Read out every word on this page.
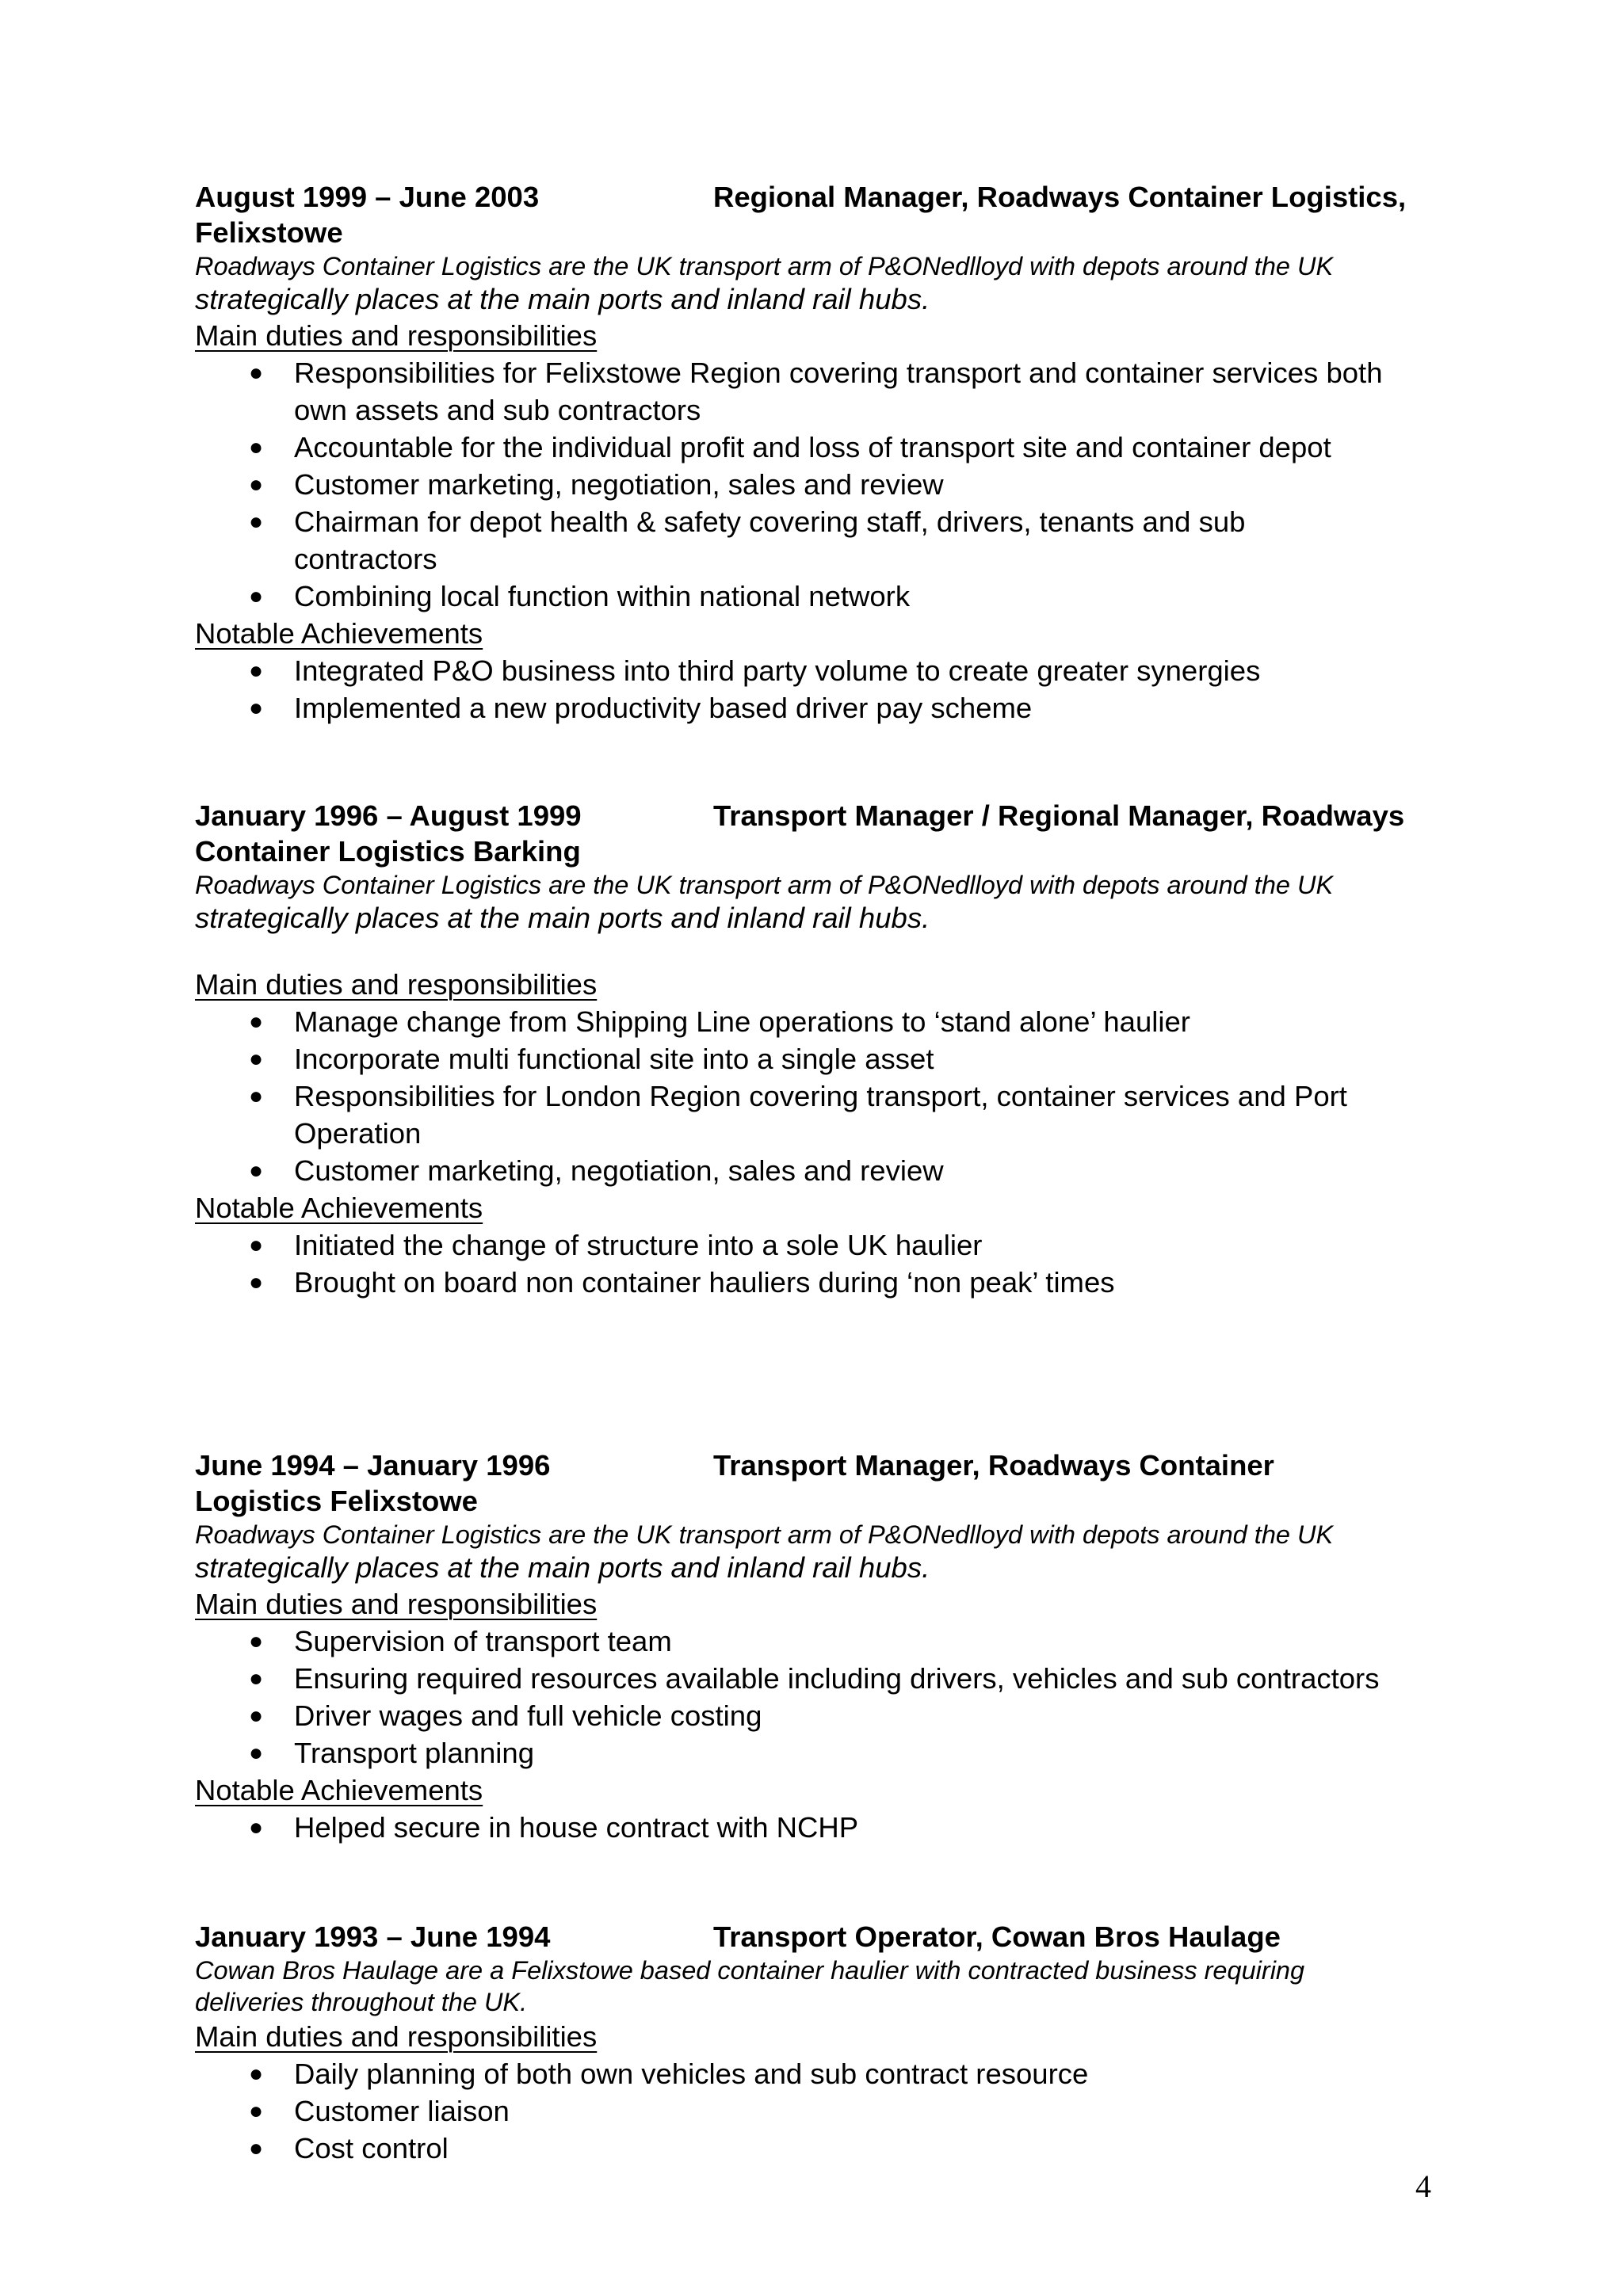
August 1999 – June 2003	Regional Manager, Roadways Container Logistics,
Felixstowe
Roadways Container Logistics are the UK transport arm of P&ONedlloyd with depots around the UK
strategically places at the main ports and inland rail hubs.
Main duties and responsibilities
● Responsibilities for Felixstowe Region covering transport and container services both
own assets and sub contractors
● Accountable for the individual profit and loss of transport site and container depot
● Customer marketing, negotiation, sales and review
● Chairman for depot health & safety covering staff, drivers, tenants and sub
contractors
● Combining local function within national network
Notable Achievements
● Integrated P&O business into third party volume to create greater synergies
● Implemented a new productivity based driver pay scheme
January 1996 – August 1999	Transport Manager / Regional Manager, Roadways
Container Logistics Barking
Roadways Container Logistics are the UK transport arm of P&ONedlloyd with depots around the UK
strategically places at the main ports and inland rail hubs.
Main duties and responsibilities
● Manage change from Shipping Line operations to ‘stand alone’ haulier
● Incorporate multi functional site into a single asset
● Responsibilities for London Region covering transport, container services and Port
Operation
● Customer marketing, negotiation, sales and review
Notable Achievements
● Initiated the change of structure into a sole UK haulier
● Brought on board non container hauliers during ‘non peak’ times
June 1994 – January 1996	Transport Manager, Roadways Container
Logistics Felixstowe
Roadways Container Logistics are the UK transport arm of P&ONedlloyd with depots around the UK
strategically places at the main ports and inland rail hubs.
Main duties and responsibilities
● Supervision of transport team
● Ensuring required resources available including drivers, vehicles and sub contractors
● Driver wages and full vehicle costing
● Transport planning
Notable Achievements
● Helped secure in house contract with NCHP
January 1993 – June 1994	Transport Operator, Cowan Bros Haulage
Cowan Bros Haulage are a Felixstowe based container haulier with contracted business requiring
deliveries throughout the UK.
Main duties and responsibilities
● Daily planning of both own vehicles and sub contract resource
● Customer liaison
● Cost control
4
